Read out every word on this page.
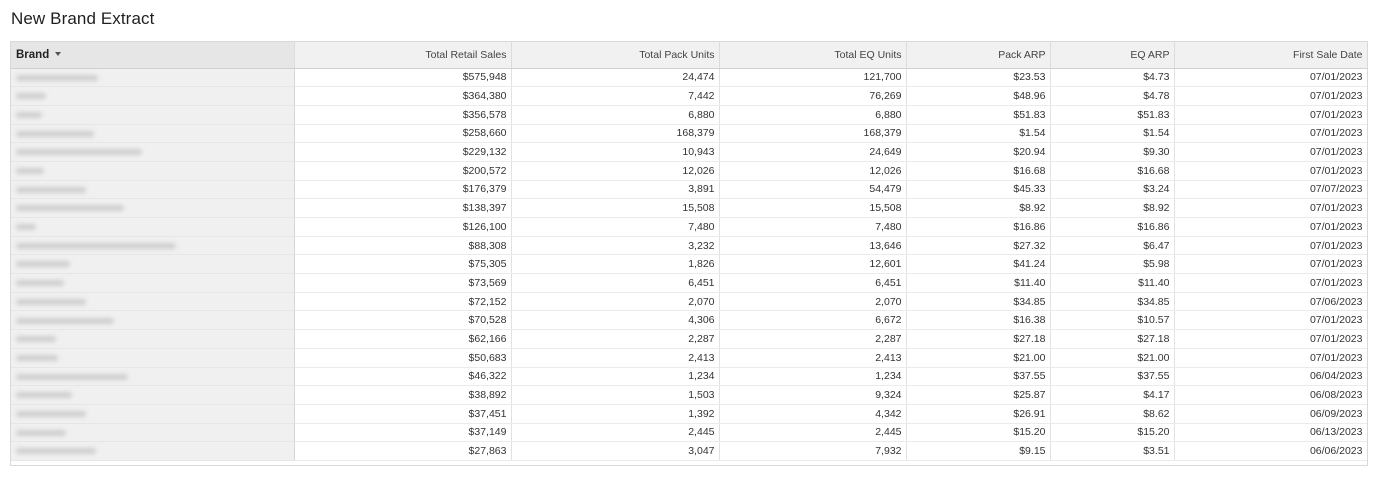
New Brand Extract
Brand	Total Retail Sales	Total Pack Units	Total EQ Units	Pack ARP	EQ ARP	First Sale Date
	$575,948	24,474	121,700	$23.53	$4.73	07/01/2023
	$364,380	7,442	76,269	$48.96	$4.78	07/01/2023
	$356,578	6,880	6,880	$51.83	$51.83	07/01/2023
	$258,660	168,379	168,379	$1.54	$1.54	07/01/2023
	$229,132	10,943	24,649	$20.94	$9.30	07/01/2023
	$200,572	12,026	12,026	$16.68	$16.68	07/01/2023
	$176,379	3,891	54,479	$45.33	$3.24	07/07/2023
	$138,397	15,508	15,508	$8.92	$8.92	07/01/2023
	$126,100	7,480	7,480	$16.86	$16.86	07/01/2023
	$88,308	3,232	13,646	$27.32	$6.47	07/01/2023
	$75,305	1,826	12,601	$41.24	$5.98	07/01/2023
	$73,569	6,451	6,451	$11.40	$11.40	07/01/2023
	$72,152	2,070	2,070	$34.85	$34.85	07/06/2023
	$70,528	4,306	6,672	$16.38	$10.57	07/01/2023
	$62,166	2,287	2,287	$27.18	$27.18	07/01/2023
	$50,683	2,413	2,413	$21.00	$21.00	07/01/2023
	$46,322	1,234	1,234	$37.55	$37.55	06/04/2023
	$38,892	1,503	9,324	$25.87	$4.17	06/08/2023
	$37,451	1,392	4,342	$26.91	$8.62	06/09/2023
	$37,149	2,445	2,445	$15.20	$15.20	06/13/2023
	$27,863	3,047	7,932	$9.15	$3.51	06/06/2023
